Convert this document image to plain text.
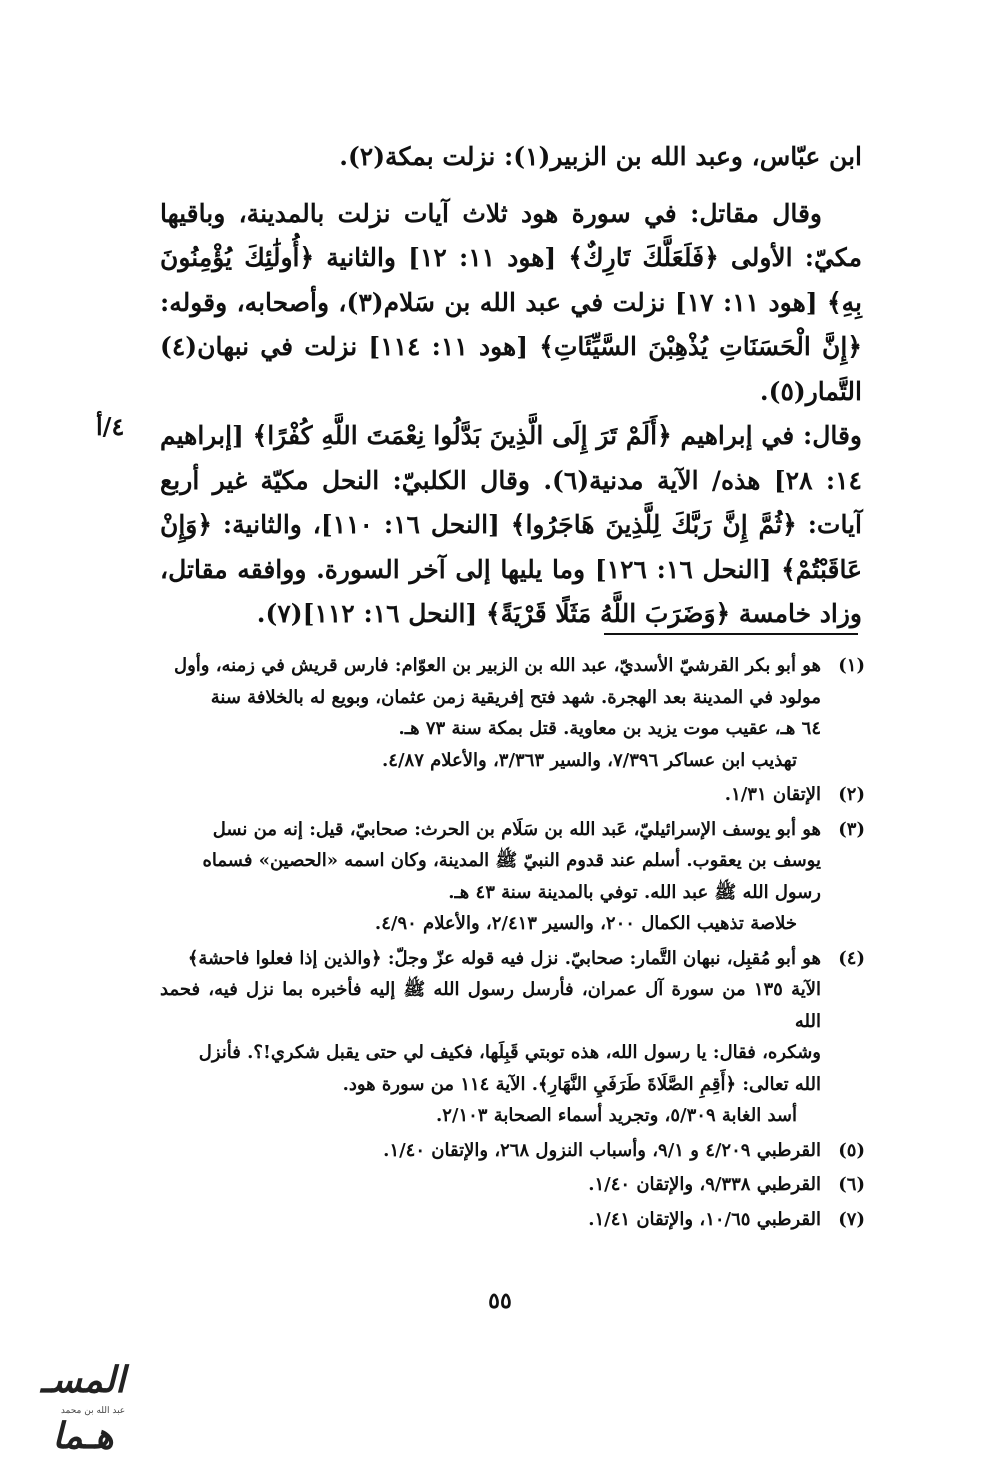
ابن عبّاس، وعبد الله بن الزبير(١): نزلت بمكة(٢).

وقال مقاتل: في سورة هود ثلاث آيات نزلت بالمدينة، وباقيها مكيّ: الأولى ﴿فَلَعَلَّكَ تَارِكٌ﴾ [هود ١١: ١٢] والثانية ﴿أُولَٰئِكَ يُؤْمِنُونَ بِهِ﴾ [هود ١١: ١٧] نزلت في عبد الله بن سَلام(٣)، وأصحابه، وقوله: ﴿إِنَّ الْحَسَنَاتِ يُذْهِبْنَ السَّيِّئَاتِ﴾ [هود ١١: ١١٤] نزلت في نبهان(٤) التَّمار(٥).

وقال: في إبراهيم ﴿أَلَمْ تَرَ إِلَى الَّذِينَ بَدَّلُوا نِعْمَتَ اللَّهِ كُفْرًا﴾ [إبراهيم ١٤: ٢٨] هذه/ الآية مدنية(٦). وقال الكلبيّ: النحل مكيّة غير أربع آيات: ﴿ثُمَّ إِنَّ رَبَّكَ لِلَّذِينَ هَاجَرُوا﴾ [النحل ١٦: ١١٠]، والثانية: ﴿وَإِنْ عَاقَبْتُمْ﴾ [النحل ١٦: ١٢٦] وما يليها إلى آخر السورة. ووافقه مقاتل، وزاد خامسة ﴿وَضَرَبَ اللَّهُ مَثَلًا قَرْيَةً﴾ [النحل ١٦: ١١٢](٧).

٤/أ
(١)هو أبو بكر القرشيّ الأسديّ، عبد الله بن الزبير بن العوّام: فارس قريش في زمنه، وأول
مولود في المدينة بعد الهجرة. شهد فتح إفريقية زمن عثمان، وبويع له بالخلافة سنة
٦٤ هـ، عقيب موت يزيد بن معاوية. قتل بمكة سنة ٧٣ هـ.
تهذيب ابن عساكر ٧/٣٩٦، والسير ٣/٣٦٣، والأعلام ٤/٨٧.
(٢)الإتقان ١/٣١.
(٣)هو أبو يوسف الإسرائيليّ، عَبد الله بن سَلَام بن الحرث: صحابيّ، قيل: إنه من نسل
يوسف بن يعقوب. أسلم عند قدوم النبيّ ﷺ المدينة، وكان اسمه «الحصين» فسماه
رسول الله ﷺ عبد الله. توفي بالمدينة سنة ٤٣ هـ.
خلاصة تذهيب الكمال ٢٠٠، والسير ٢/٤١٣، والأعلام ٤/٩٠.
(٤)هو أبو مُقبِل، نبهان التَّمار: صحابيّ. نزل فيه قوله عزّ وجلّ: ﴿والذين إذا فعلوا فاحشة﴾
الآية ١٣٥ من سورة آل عمران، فأرسل رسول الله ﷺ إليه فأخبره بما نزل فيه، فحمد الله
وشكره، فقال: يا رسول الله، هذه توبتي قَبِلَها، فكيف لي حتى يقبل شكري!؟. فأنزل
الله تعالى: ﴿أَقِمِ الصَّلَاةَ طَرَفَيِ النَّهَارِ﴾. الآية ١١٤ من سورة هود.
أسد الغابة ٥/٣٠٩، وتجريد أسماء الصحابة ٢/١٠٣.
(٥)القرطبي ٤/٢٠٩ و ٩/١، وأسباب النزول ٢٦٨، والإتقان ١/٤٠.
(٦)القرطبي ٩/٣٣٨، والإتقان ١/٤٠.
(٧)القرطبي ١٠/٦٥، والإتقان ١/٤١.
٥٥
المسـ هـما
عبد الله بن محمد
